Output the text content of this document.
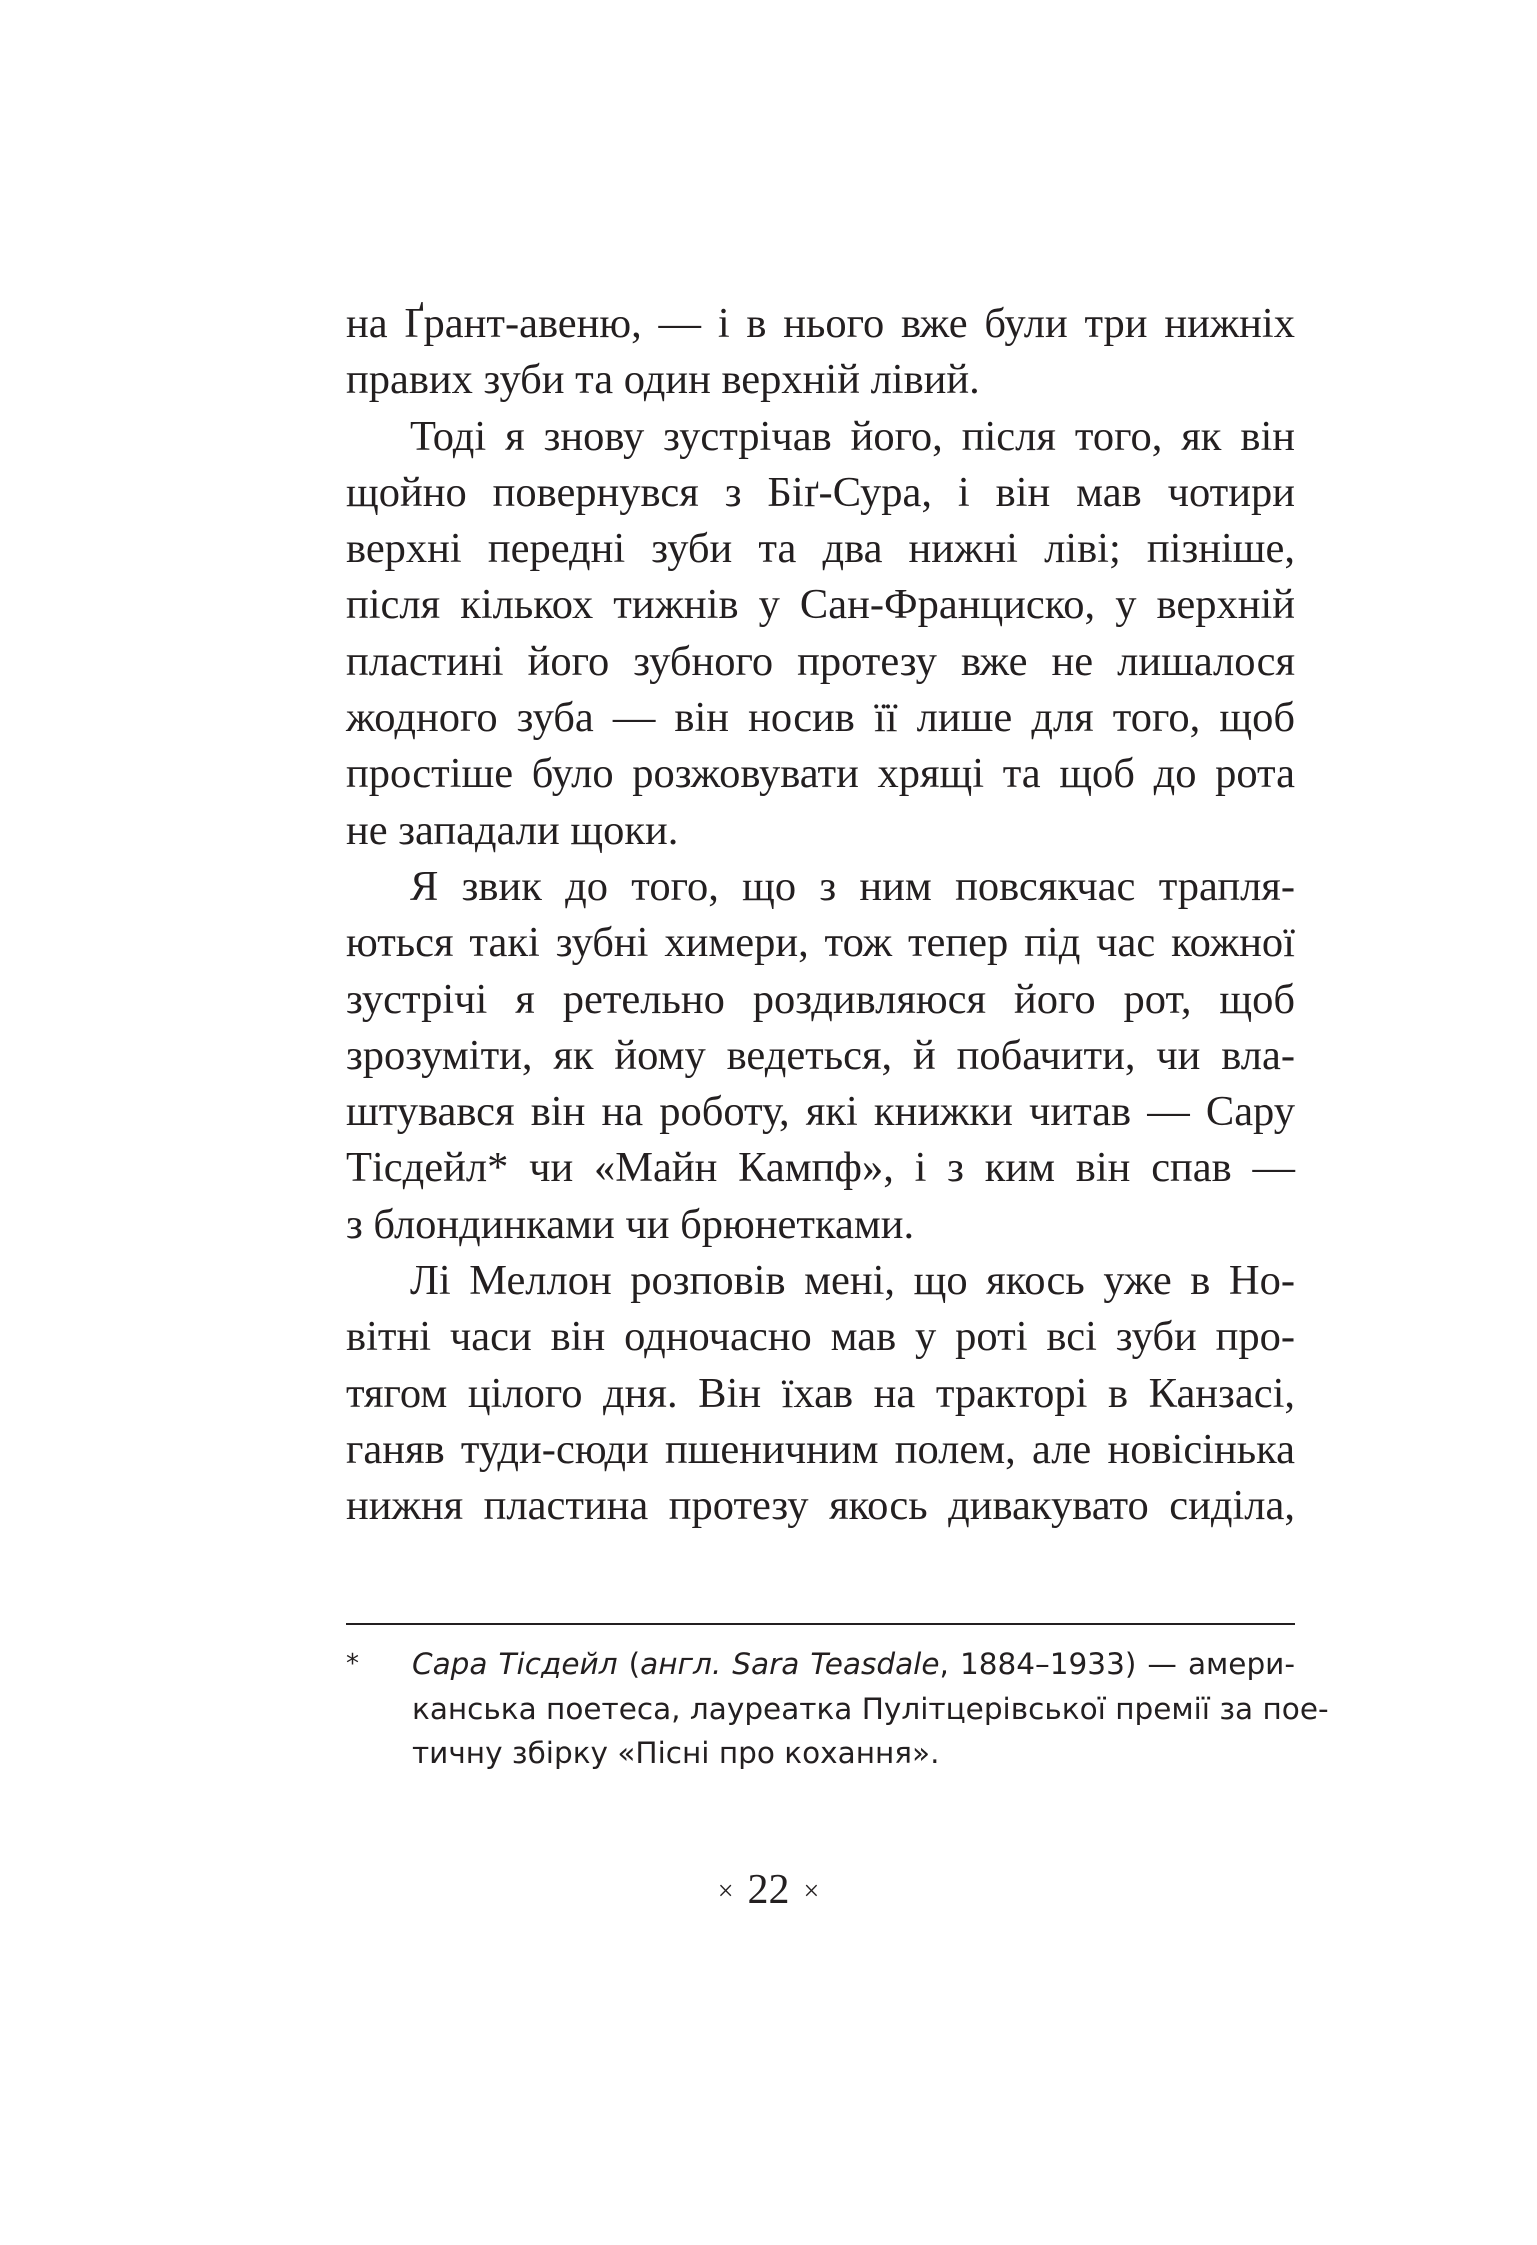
на Ґрант-авеню, — і в нього вже були три нижніх
правих зуби та один верхній лівий.
Тоді я знову зустрічав його, після того, як він
щойно повернувся з Біґ-Сура, і він мав чотири
верхні передні зуби та два нижні ліві; пізніше,
після кількох тижнів у Сан-Франциско, у верхній
пластині його зубного протезу вже не лишалося
жодного зуба — він носив її лише для того, щоб
простіше було розжовувати хрящі та щоб до рота
не западали щоки.
Я звик до того, що з ним повсякчас трапля-
ються такі зубні химери, тож тепер під час кожної
зустрічі я ретельно роздивляюся його рот, щоб
зрозуміти, як йому ведеться, й побачити, чи вла-
штувався він на роботу, які книжки читав — Сару
Тісдейл* чи «Майн Кампф», і з ким він спав —
з блондинками чи брюнетками.
Лі Меллон розповів мені, що якось уже в Но-
вітні часи він одночасно мав у роті всі зуби про-
тягом цілого дня. Він їхав на тракторі в Канзасі,
ганяв туди-сюди пшеничним полем, але новісінька
нижня пластина протезу якось дивакувато сиділа,
* Сара Тісдейл (англ. Sara Teasdale, 1884–1933) — амери-
канська поетеса, лауреатка Пулітцерівської премії за пое-
тичну збірку «Пісні про кохання».
× 22 ×
